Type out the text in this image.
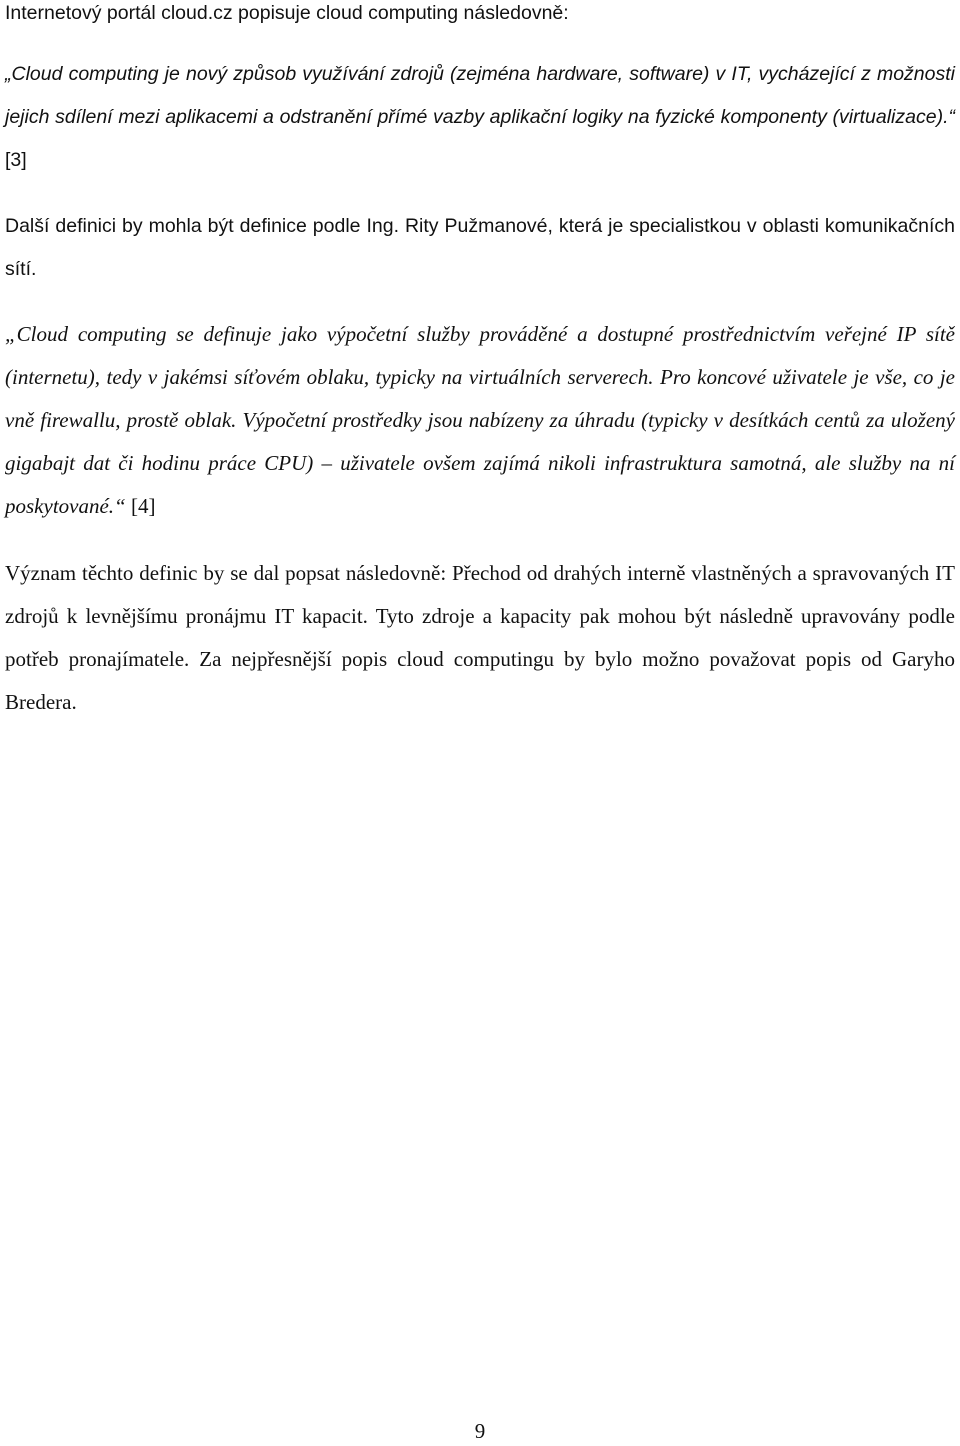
Internetový portál cloud.cz popisuje cloud computing následovně:

„Cloud computing je nový způsob využívání zdrojů (zejména hardware, software) v IT, vycházející z možnosti jejich sdílení mezi aplikacemi a odstranění přímé vazby aplikační logiky na fyzické komponenty (virtualizace).“ [3]

Další definici by mohla být definice podle Ing. Rity Pužmanové, která je specialistkou v oblasti komunikačních sítí.

„Cloud computing se definuje jako výpočetní služby prováděné a dostupné prostřednictvím veřejné IP sítě (internetu), tedy v jakémsi síťovém oblaku, typicky na virtuálních serverech. Pro koncové uživatele je vše, co je vně firewallu, prostě oblak. Výpočetní prostředky jsou nabízeny za úhradu (typicky v desítkách centů za uložený gigabajt dat či hodinu práce CPU) – uživatele ovšem zajímá nikoli infrastruktura samotná, ale služby na ní poskytované.“ [4]

Význam těchto definic by se dal popsat následovně: Přechod od drahých interně vlastněných a spravovaných IT zdrojů k levnějšímu pronájmu IT kapacit. Tyto zdroje a kapacity pak mohou být následně upravovány podle potřeb pronajímatele. Za nejpřesnější popis cloud computingu by bylo možno považovat popis od Garyho Bredera.

9
